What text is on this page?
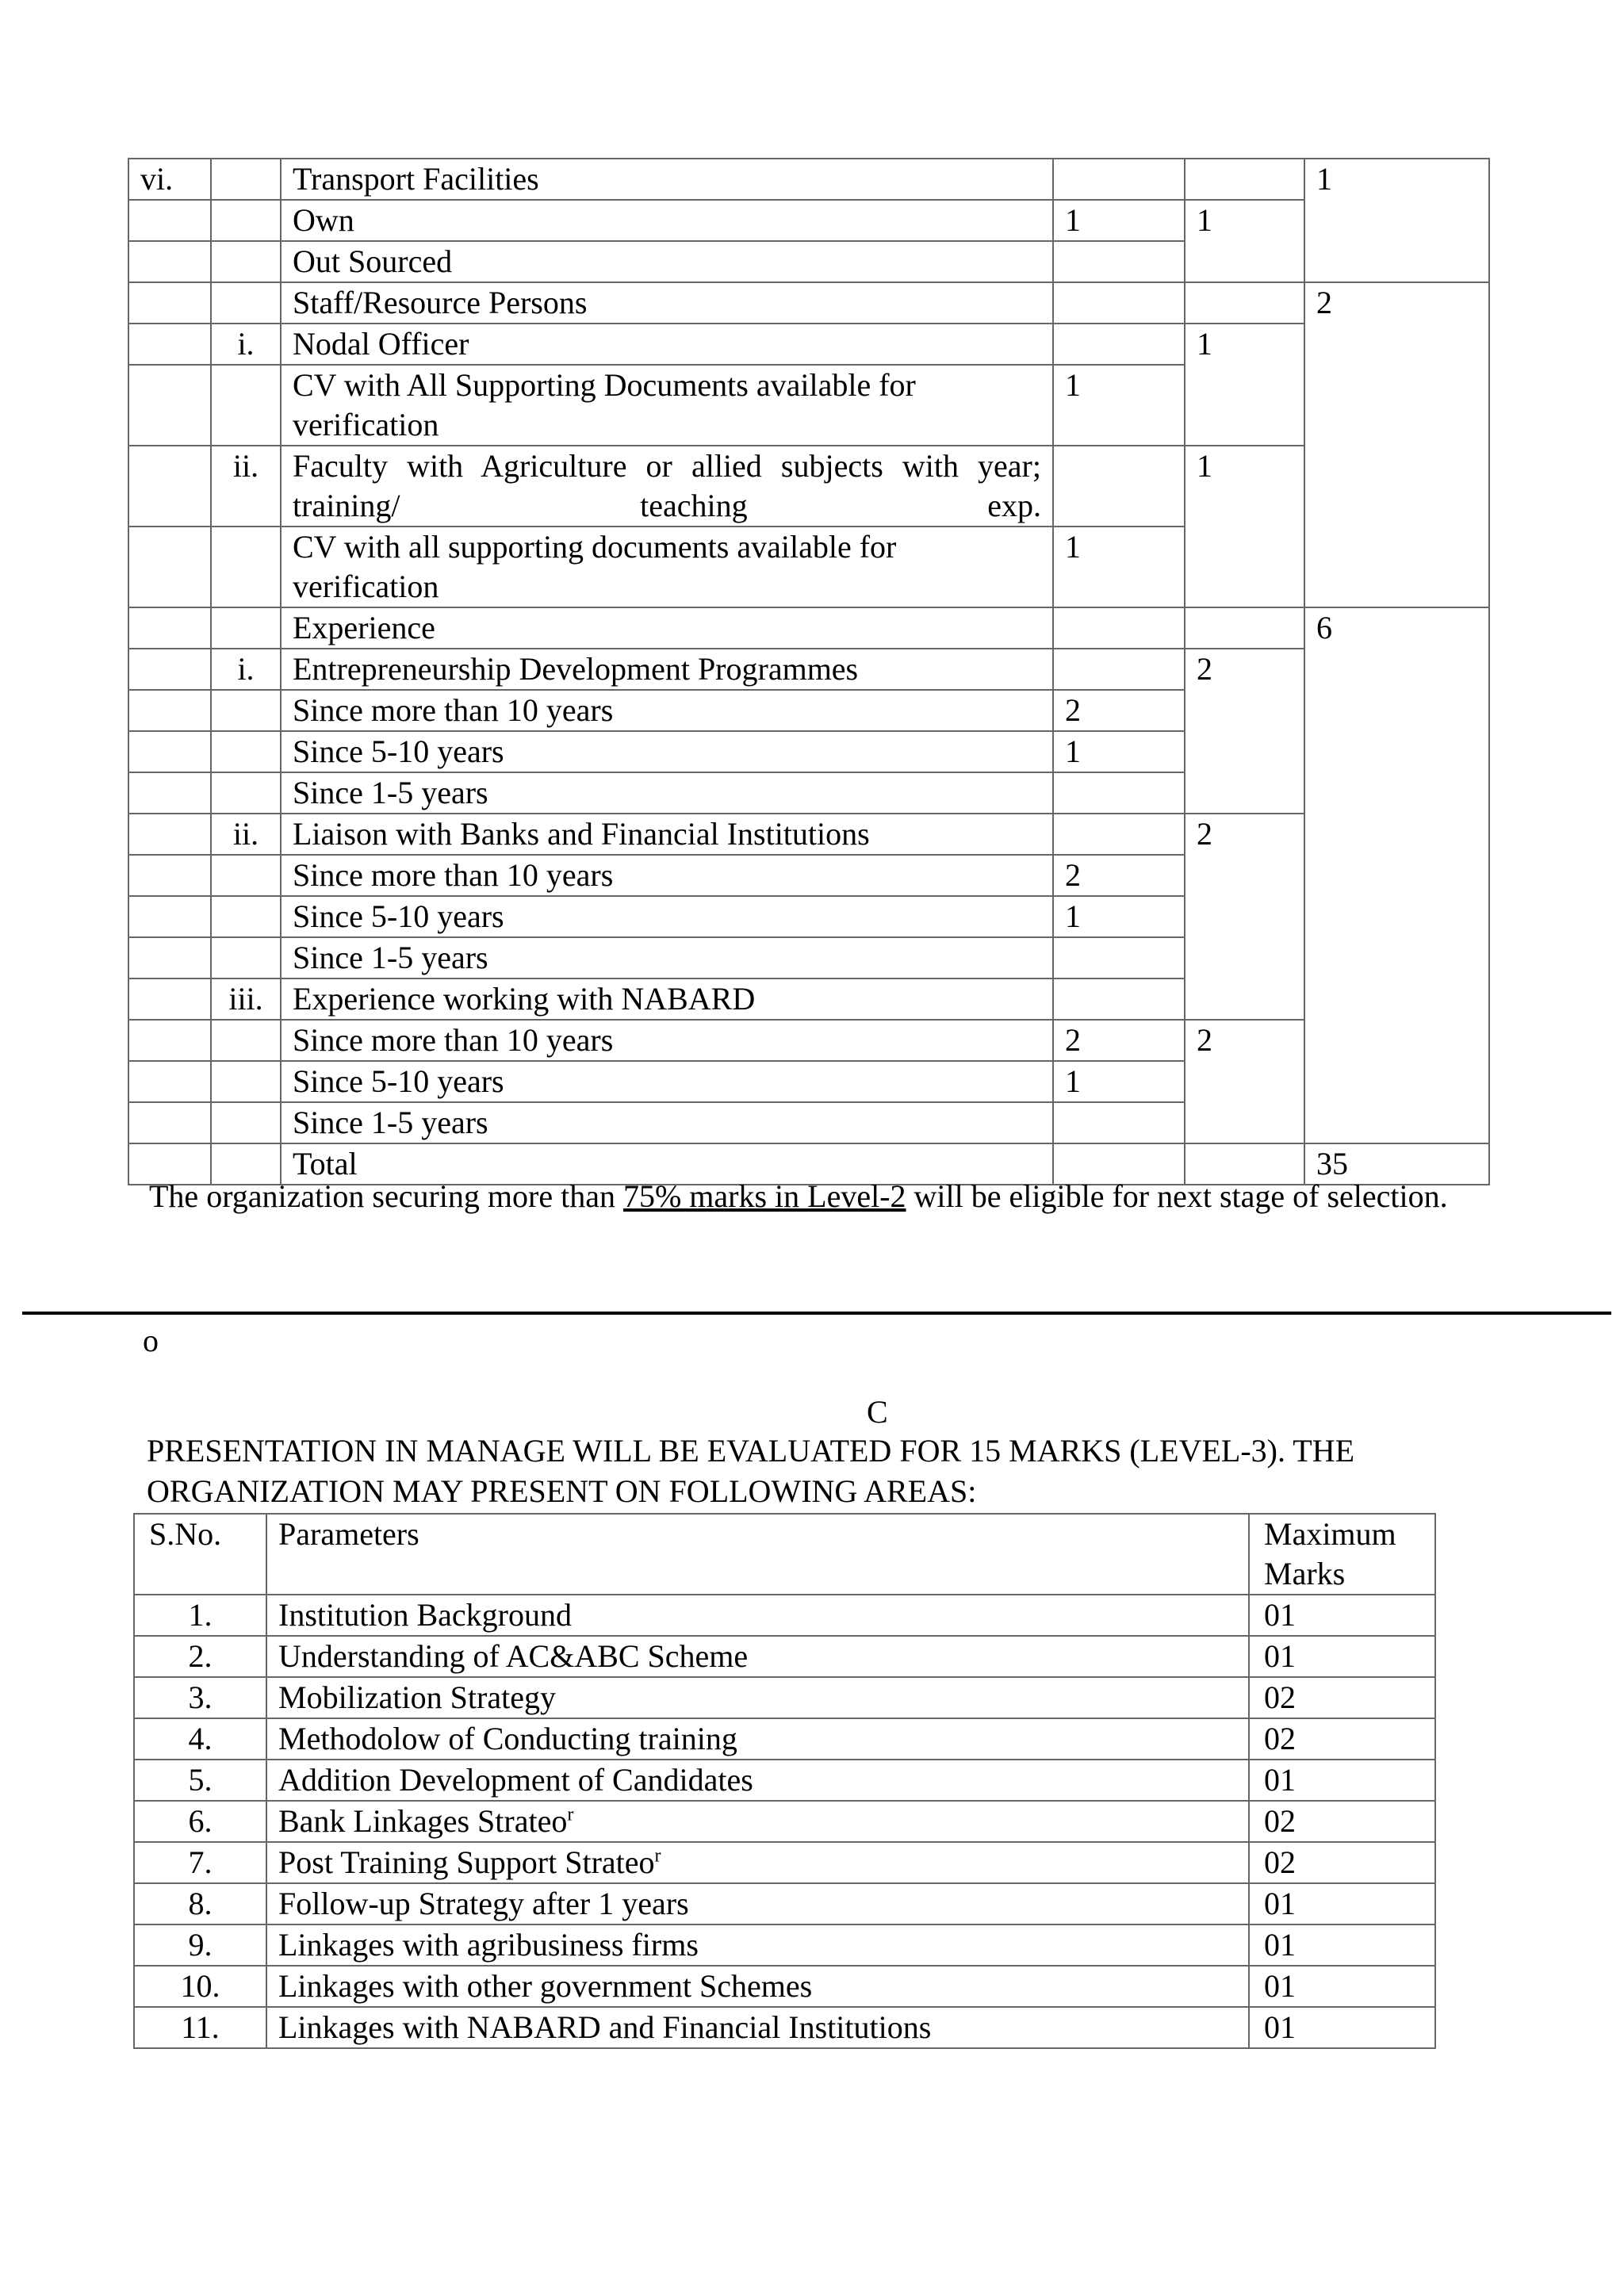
vi.		Transport Facilities			1
		Own	1	1	
		Out Sourced			
		Staff/Resource Persons			2
	i.	Nodal Officer		1	
		CV with All Supporting Documents available for verification	1		
	ii.	Faculty with Agriculture or allied subjects with year; training/ teaching exp.		1	
		CV with all supporting documents available for verification	1		
		Experience			6
	i.	Entrepreneurship Development Programmes		2	
		Since more than 10 years	2		
		Since 5-10 years	1		
		Since 1-5 years			
	ii.	Liaison with Banks and Financial Institutions		2	
		Since more than 10 years	2		
		Since 5-10 years	1		
		Since 1-5 years			
	iii.	Experience working with NABARD			
		Since more than 10 years	2	2	
		Since 5-10 years	1		
		Since 1-5 years			
		Total			35
The organization securing more than 75% marks in Level-2 will be eligible for next stage of selection.
o
C
PRESENTATION IN MANAGE WILL BE EVALUATED FOR 15 MARKS (LEVEL-3). THE
ORGANIZATION MAY PRESENT ON FOLLOWING AREAS:
S.No.	Parameters	Maximum
Marks

1.	Institution Background	01
2.	Understanding of AC&ABC Scheme	01
3.	Mobilization Strategy	02
4.	Methodolow of Conducting training	02
5.	Addition Development of Candidates	01
6.	Bank Linkages Strateo$^r$	02
7.	Post Training Support Strateo$^r$	02
8.	Follow-up Strategy after 1 years	01
9.	Linkages with agribusiness firms	01
10.	Linkages with other government Schemes	01
11.	Linkages with NABARD and Financial Institutions	01
